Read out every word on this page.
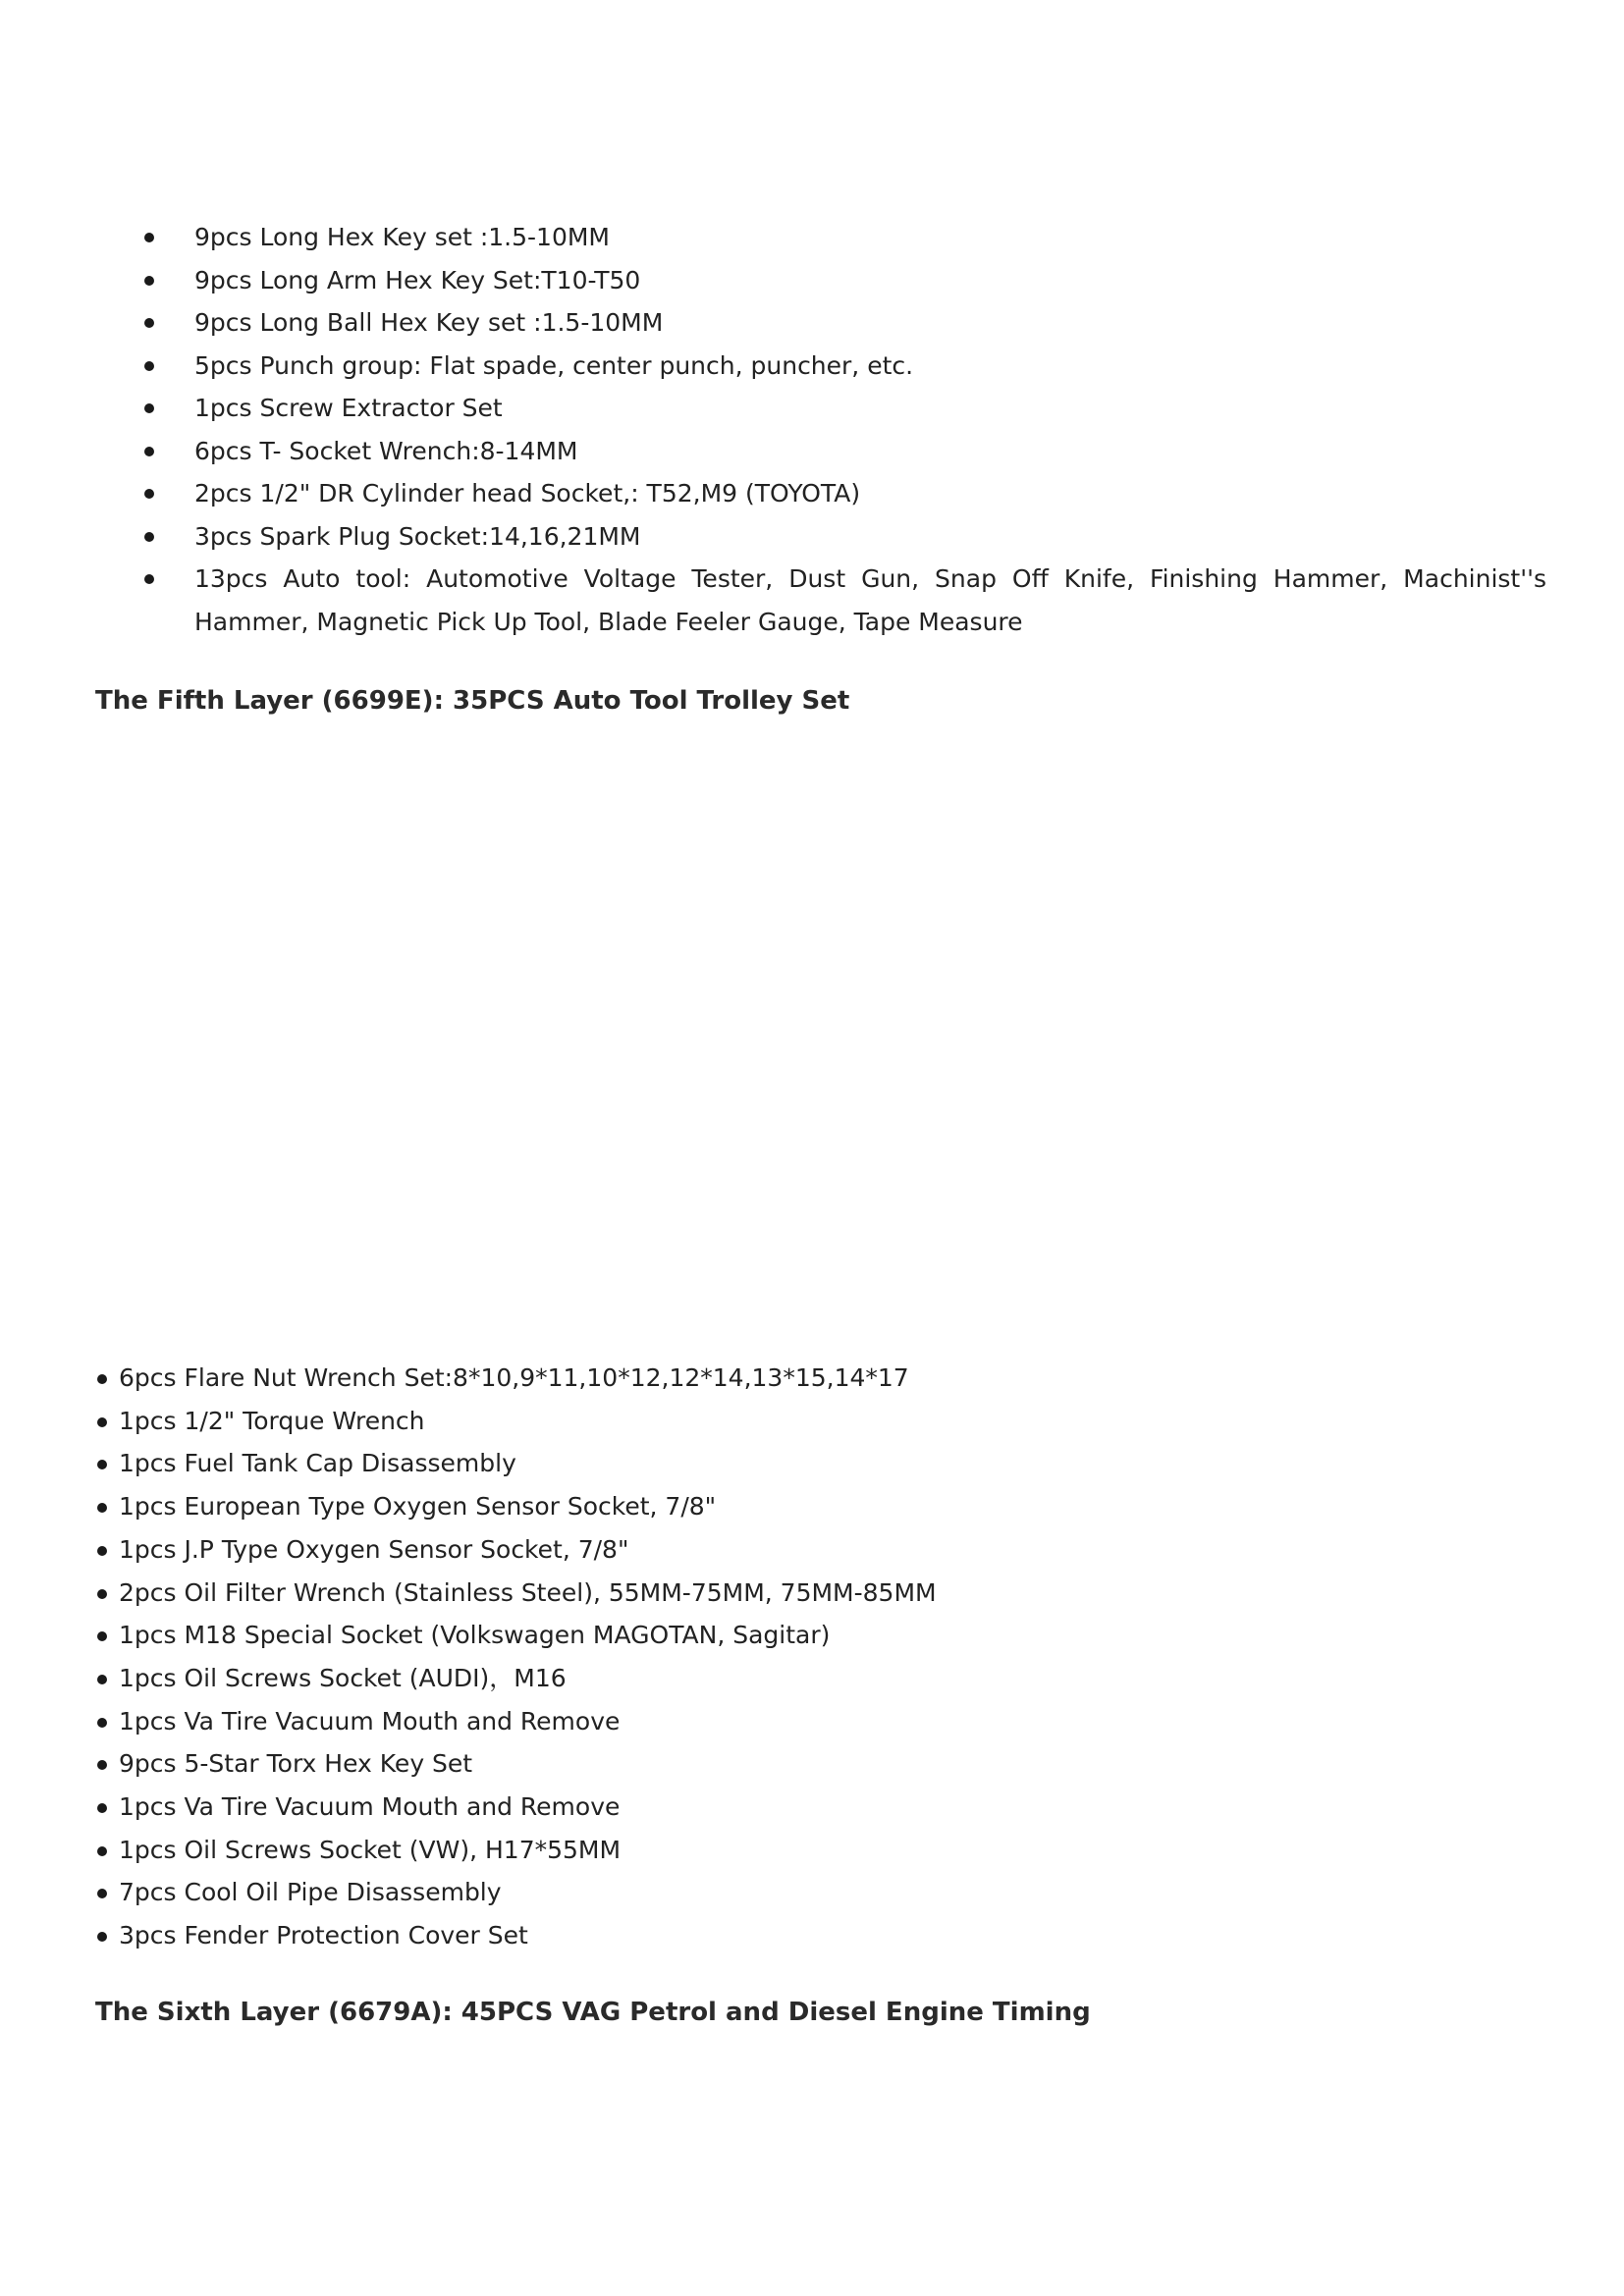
9pcs Long Hex Key set :1.5-10MM
9pcs Long Arm Hex Key Set:T10-T50
9pcs Long Ball Hex Key set :1.5-10MM
5pcs Punch group: Flat spade, center punch, puncher, etc.
1pcs Screw Extractor Set
6pcs T- Socket Wrench:8-14MM
2pcs 1/2" DR Cylinder head Socket,: T52,M9 (TOYOTA)
3pcs Spark Plug Socket:14,16,21MM
13pcs Auto tool: Automotive Voltage Tester, Dust Gun, Snap Off Knife, Finishing Hammer, Machinist''s Hammer, Magnetic Pick Up Tool, Blade Feeler Gauge, Tape Measure
The Fifth Layer (6699E): 35PCS Auto Tool Trolley Set
6pcs Flare Nut Wrench Set:8*10,9*11,10*12,12*14,13*15,14*17
1pcs 1/2" Torque Wrench
1pcs Fuel Tank Cap Disassembly
1pcs European Type Oxygen Sensor Socket, 7/8"
1pcs J.P Type Oxygen Sensor Socket, 7/8"
2pcs Oil Filter Wrench (Stainless Steel), 55MM-75MM, 75MM-85MM
1pcs M18 Special Socket (Volkswagen MAGOTAN, Sagitar)
1pcs Oil Screws Socket (AUDI)，M16
1pcs Va Tire Vacuum Mouth and Remove
9pcs 5-Star Torx Hex Key Set
1pcs Va Tire Vacuum Mouth and Remove
1pcs Oil Screws Socket (VW), H17*55MM
7pcs Cool Oil Pipe Disassembly
3pcs Fender Protection Cover Set
The Sixth Layer (6679A): 45PCS VAG Petrol and Diesel Engine Timing
